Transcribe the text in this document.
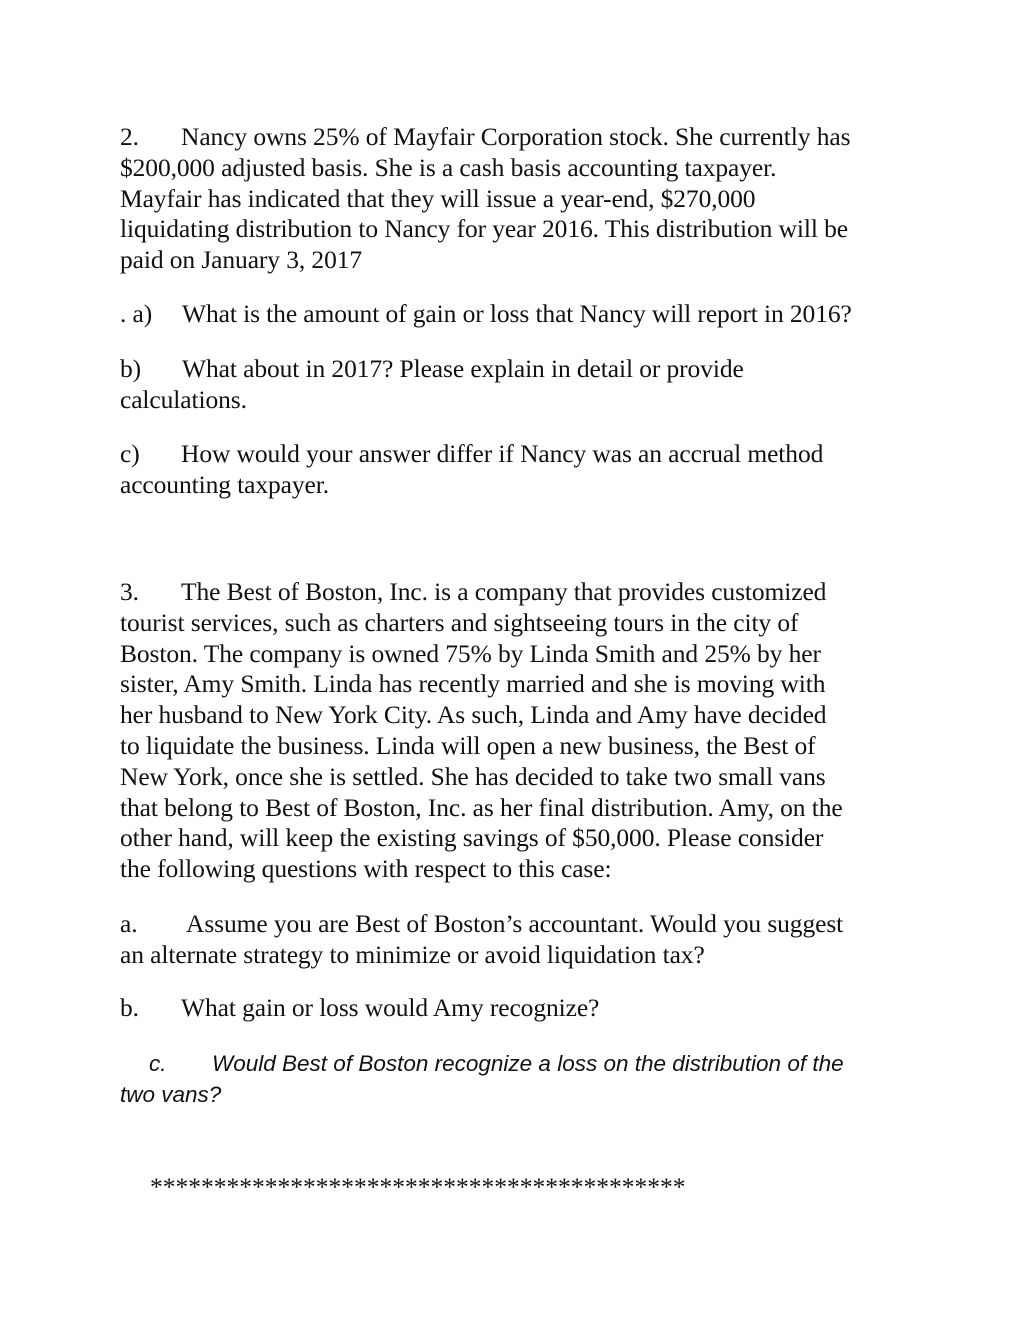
2. Nancy owns 25% of Mayfair Corporation stock. She currently has
$200,000 adjusted basis. She is a cash basis accounting taxpayer.
Mayfair has indicated that they will issue a year-end, $270,000
liquidating distribution to Nancy for year 2016. This distribution will be
paid on January 3, 2017
. a) What is the amount of gain or loss that Nancy will report in 2016?
b) What about in 2017? Please explain in detail or provide
calculations.
c) How would your answer differ if Nancy was an accrual method
accounting taxpayer.
3. The Best of Boston, Inc. is a company that provides customized
tourist services, such as charters and sightseeing tours in the city of
Boston. The company is owned 75% by Linda Smith and 25% by her
sister, Amy Smith. Linda has recently married and she is moving with
her husband to New York City. As such, Linda and Amy have decided
to liquidate the business. Linda will open a new business, the Best of
New York, once she is settled. She has decided to take two small vans
that belong to Best of Boston, Inc. as her final distribution. Amy, on the
other hand, will keep the existing savings of $50,000. Please consider
the following questions with respect to this case:
a. Assume you are Best of Boston’s accountant. Would you suggest
an alternate strategy to minimize or avoid liquidation tax?
b. What gain or loss would Amy recognize?
c. Would Best of Boston recognize a loss on the distribution of the
two vans?
******************************************
